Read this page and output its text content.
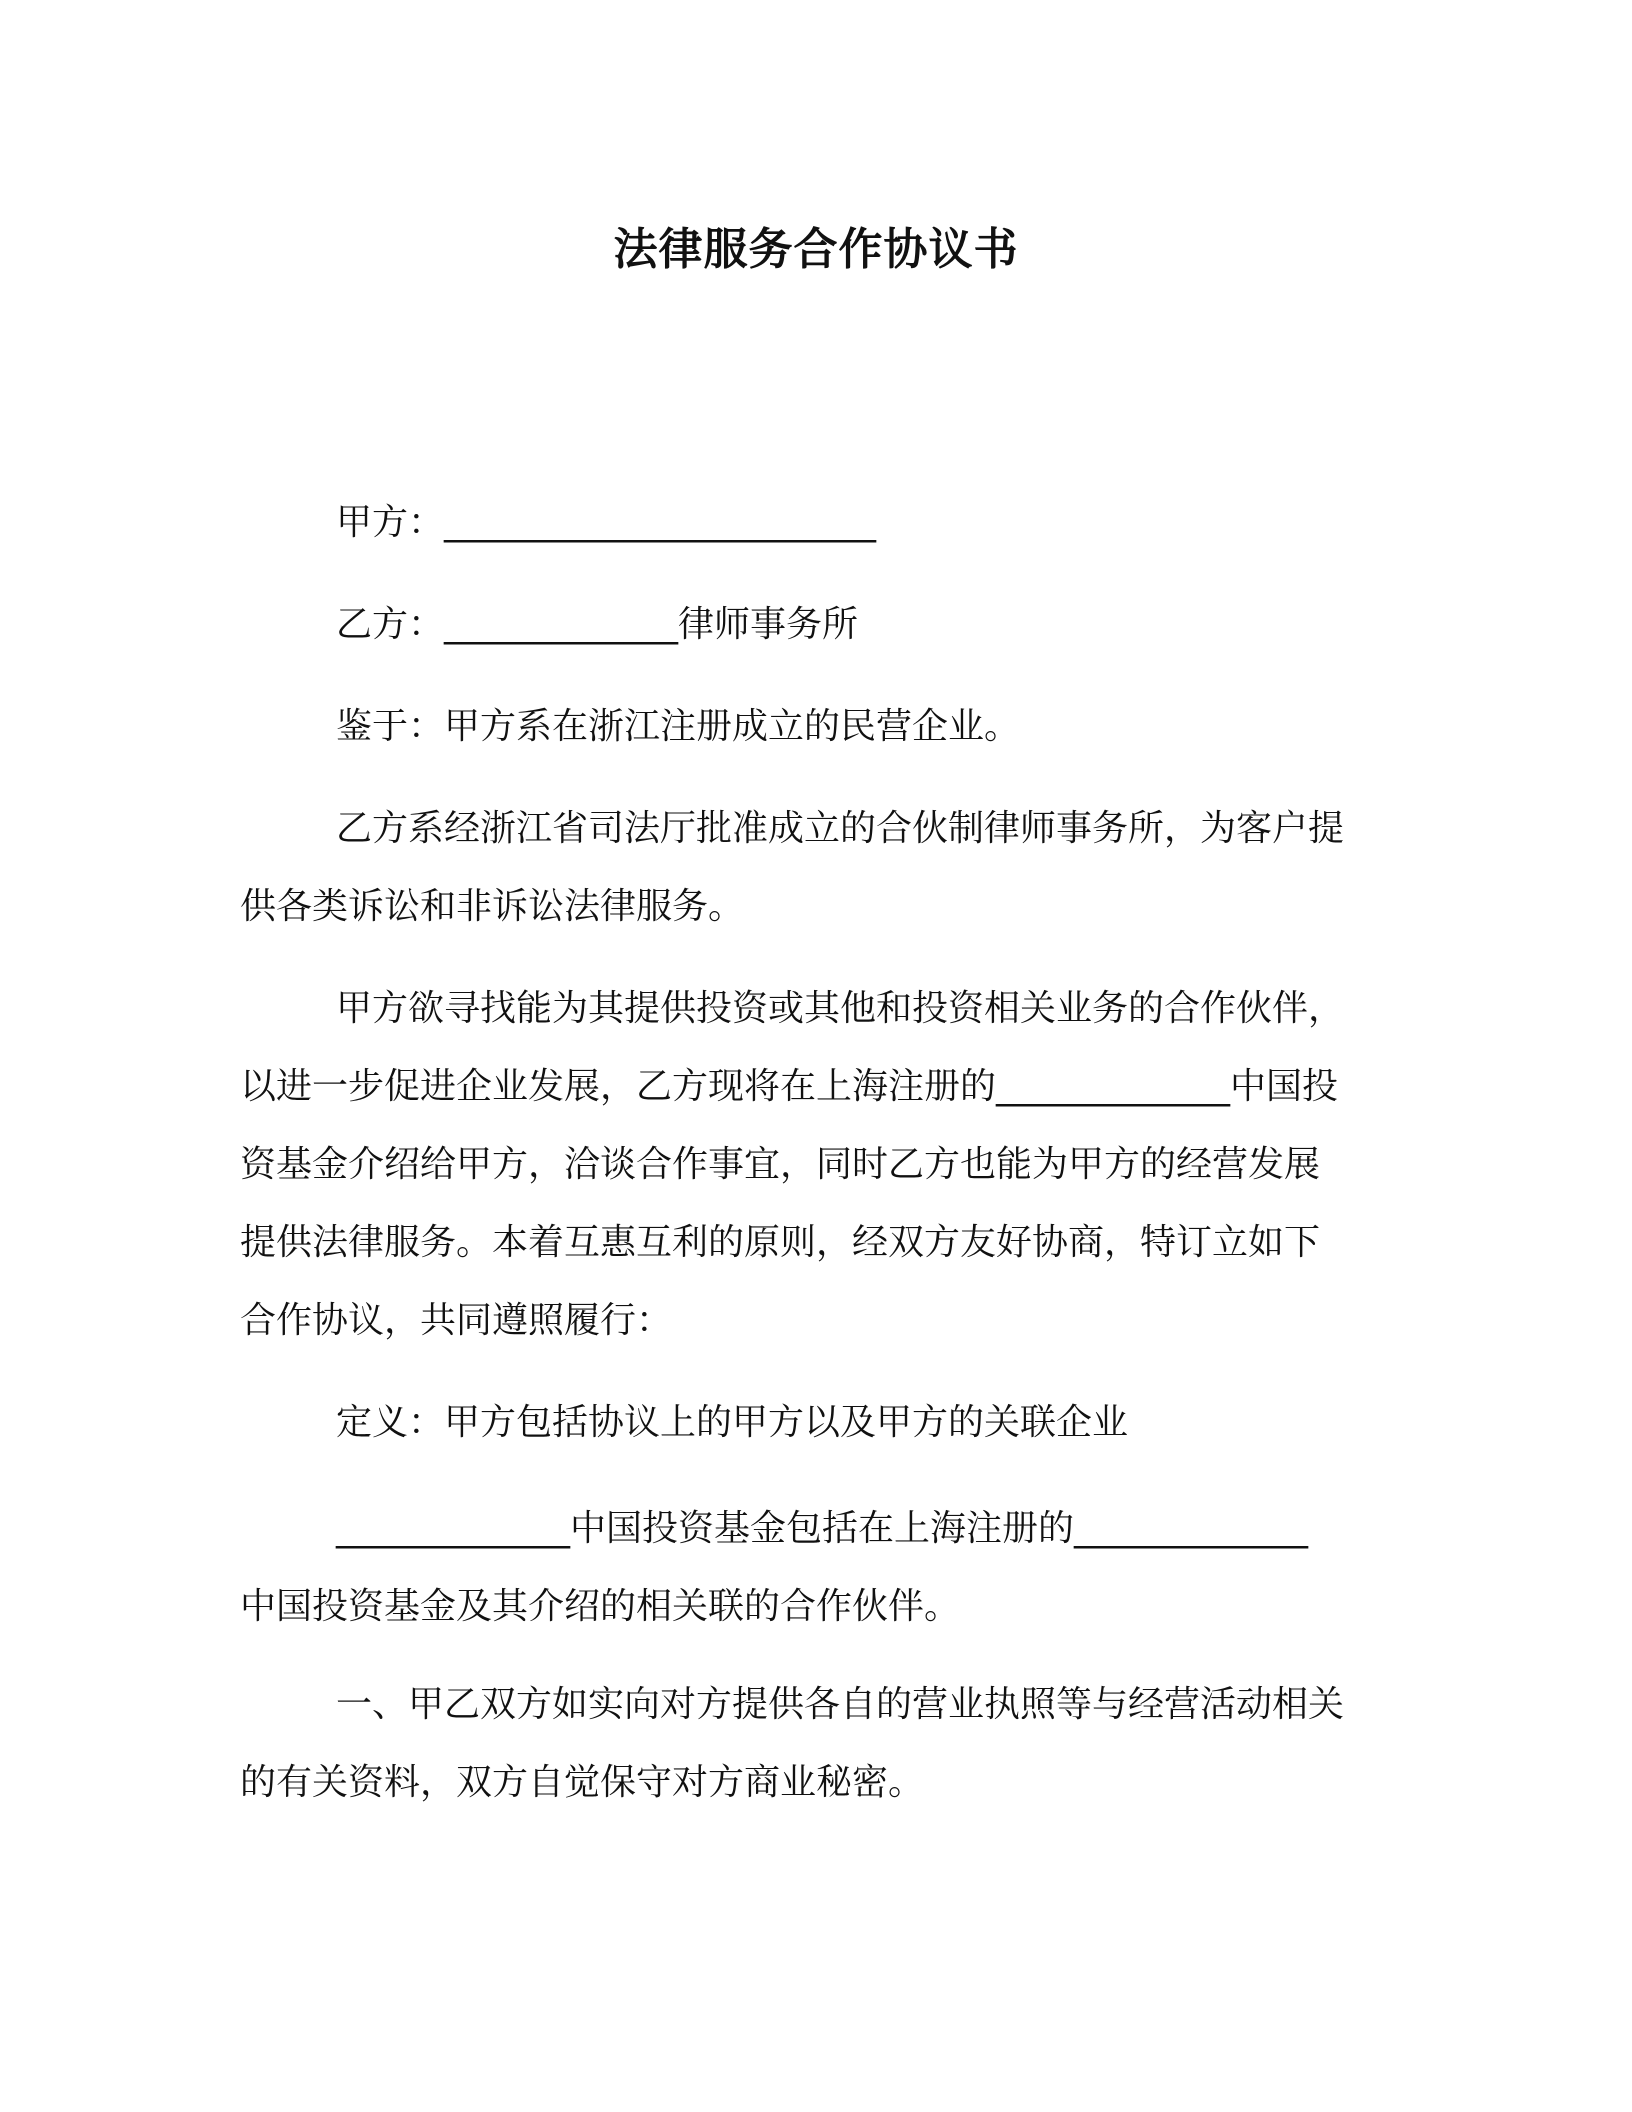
法律服务合作协议书
甲方：________________________
乙方：_____________律师事务所
鉴于：甲方系在浙江注册成立的民营企业。
乙方系经浙江省司法厅批准成立的合伙制律师事务所，为客户提
供各类诉讼和非诉讼法律服务。
甲方欲寻找能为其提供投资或其他和投资相关业务的合作伙伴，
以进一步促进企业发展，乙方现将在上海注册的_____________中国投
资基金介绍给甲方，洽谈合作事宜，同时乙方也能为甲方的经营发展
提供法律服务。本着互惠互利的原则，经双方友好协商，特订立如下
合作协议，共同遵照履行：
定义：甲方包括协议上的甲方以及甲方的关联企业
_____________中国投资基金包括在上海注册的_____________
中国投资基金及其介绍的相关联的合作伙伴。
一、甲乙双方如实向对方提供各自的营业执照等与经营活动相关
的有关资料，双方自觉保守对方商业秘密。
